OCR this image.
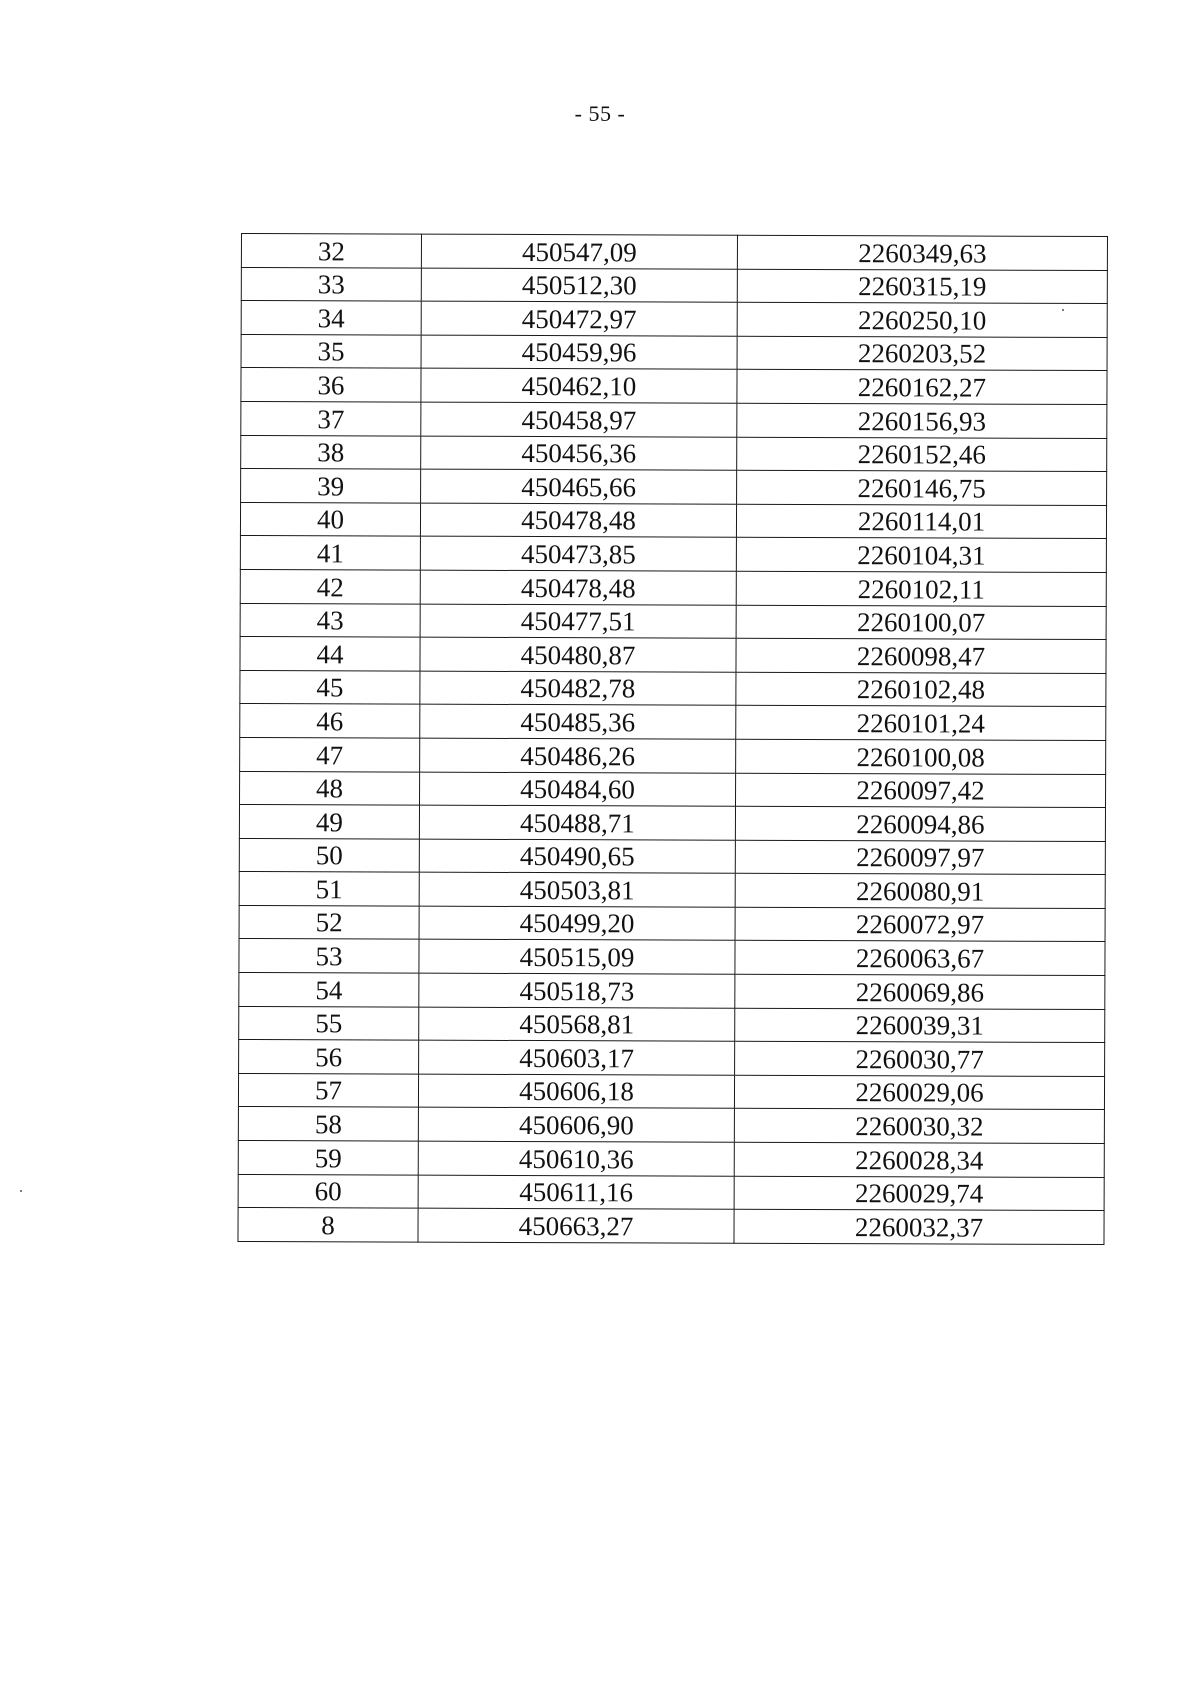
- 55 -
32	450547,09	2260349,63
33	450512,30	2260315,19
34	450472,97	2260250,10
35	450459,96	2260203,52
36	450462,10	2260162,27
37	450458,97	2260156,93
38	450456,36	2260152,46
39	450465,66	2260146,75
40	450478,48	2260114,01
41	450473,85	2260104,31
42	450478,48	2260102,11
43	450477,51	2260100,07
44	450480,87	2260098,47
45	450482,78	2260102,48
46	450485,36	2260101,24
47	450486,26	2260100,08
48	450484,60	2260097,42
49	450488,71	2260094,86
50	450490,65	2260097,97
51	450503,81	2260080,91
52	450499,20	2260072,97
53	450515,09	2260063,67
54	450518,73	2260069,86
55	450568,81	2260039,31
56	450603,17	2260030,77
57	450606,18	2260029,06
58	450606,90	2260030,32
59	450610,36	2260028,34
60	450611,16	2260029,74
8	450663,27	2260032,37
